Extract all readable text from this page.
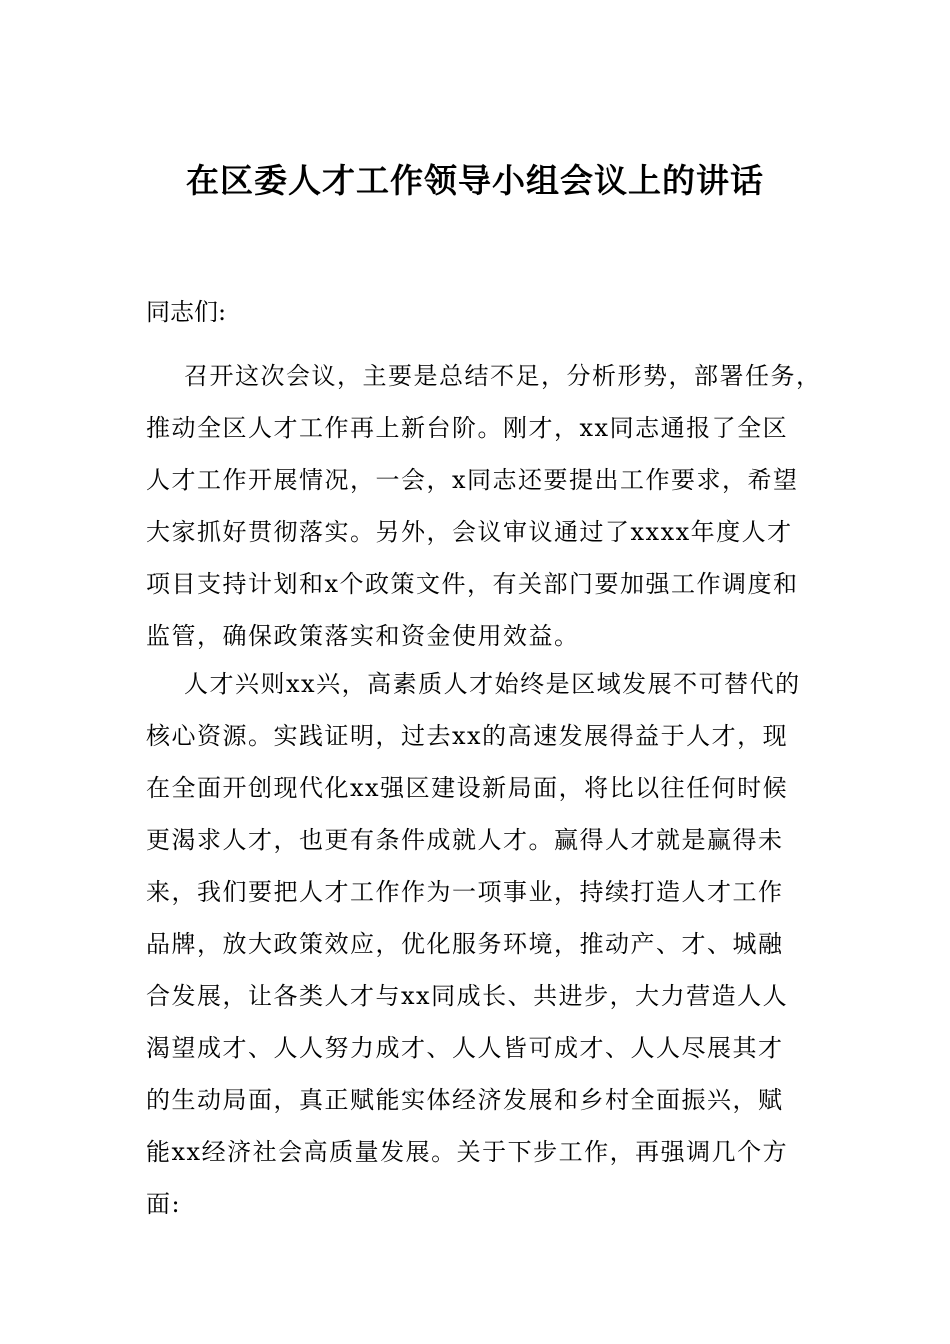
在区委人才工作领导小组会议上的讲话
同志们:
召开这次会议，主要是总结不足，分析形势，部署任务，
推动全区人才工作再上新台阶。刚才，xx同志通报了全区
人才工作开展情况，一会，x同志还要提出工作要求，希望
大家抓好贯彻落实。另外，会议审议通过了xxxx年度人才
项目支持计划和x个政策文件，有关部门要加强工作调度和
监管，确保政策落实和资金使用效益。
人才兴则xx兴，高素质人才始终是区域发展不可替代的
核心资源。实践证明，过去xx的高速发展得益于人才，现
在全面开创现代化xx强区建设新局面，将比以往任何时候
更渴求人才，也更有条件成就人才。赢得人才就是赢得未
来，我们要把人才工作作为一项事业，持续打造人才工作
品牌，放大政策效应，优化服务环境，推动产、才、城融
合发展，让各类人才与xx同成长、共进步，大力营造人人
渴望成才、人人努力成才、人人皆可成才、人人尽展其才
的生动局面，真正赋能实体经济发展和乡村全面振兴，赋
能xx经济社会高质量发展。关于下步工作，再强调几个方
面:
